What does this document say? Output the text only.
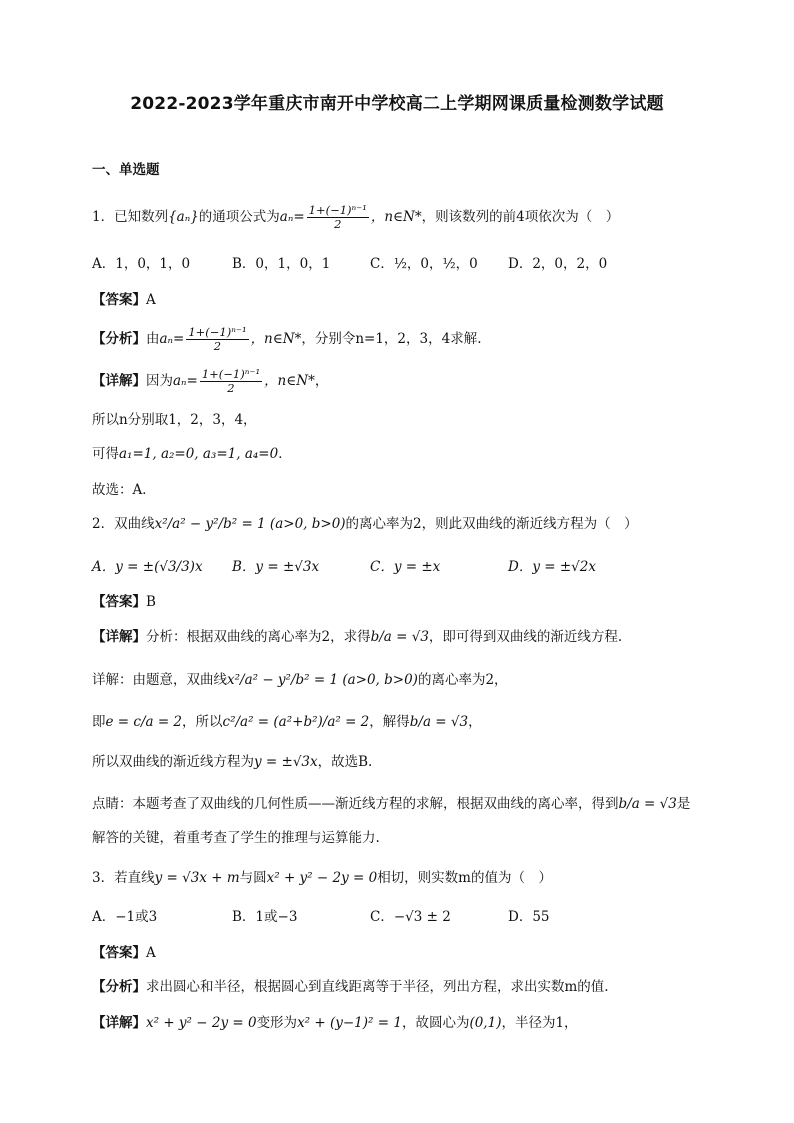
2022-2023学年重庆市南开中学校高二上学期网课质量检测数学试题
一、单选题
1．已知数列{aₙ}的通项公式为$a_n= \frac{\text{1+(−1)ⁿ⁻¹}}{2}$ ，n∈N*，则该数列的前4项依次为（　）
A．1，0，1，0	B．0，1，0，1	C．½，0，½，0 D．2，0，2，0
【答案】A
【分析】由$a_n= \frac{\text{1+(−1)ⁿ⁻¹}}{2}$ ，n∈N*，分别令n=1，2，3，4求解.
【详解】因为$a_n= \frac{\text{1+(−1)ⁿ⁻¹}}{2}$ ，n∈N*，
所以n分别取1，2，3，4，
可得a₁=1, a₂=0, a₃=1, a₄=0．
故选：A．
2．双曲线x²/a² − y²/b² = 1 (a>0, b>0)的离心率为2，则此双曲线的渐近线方程为（　）
A．y = ±(√3/3)x B．y = ±√3x	C．y = ±x	D．y = ±√2x
【答案】B
【详解】分析：根据双曲线的离心率为2，求得b/a = √3，即可得到双曲线的渐近线方程.
详解：由题意，双曲线x²/a² − y²/b² = 1 (a>0, b>0)的离心率为2，
即e = c/a = 2，所以c²/a² = (a²+b²)/a² = 2，解得b/a = √3，
所以双曲线的渐近线方程为y = ±√3x，故选B.
点睛：本题考查了双曲线的几何性质——渐近线方程的求解，根据双曲线的离心率，得到b/a = √3是
解答的关键，着重考查了学生的推理与运算能力.
3．若直线y = √3x + m与圆x² + y² − 2y = 0相切，则实数m的值为（　）
A．−1或3	B．1或−3	C．−√3 ± 2	D．55
【答案】A
【分析】求出圆心和半径，根据圆心到直线距离等于半径，列出方程，求出实数m的值.
【详解】x² + y² − 2y = 0变形为x² + (y−1)² = 1，故圆心为(0,1)，半径为1，
